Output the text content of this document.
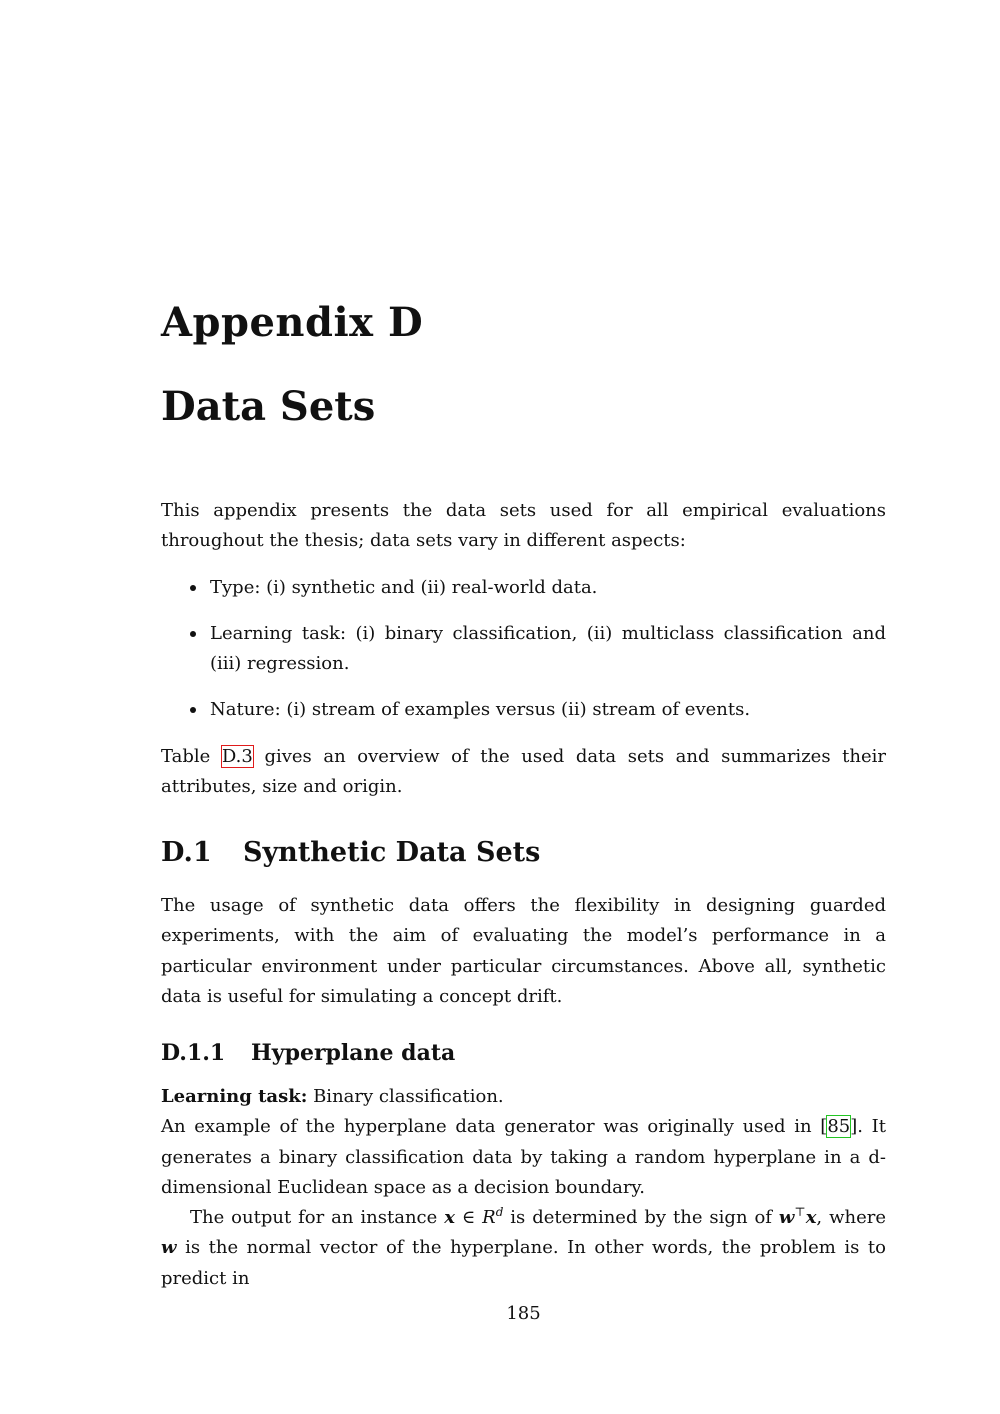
Appendix D
Data Sets

This appendix presents the data sets used for all empirical evaluations throughout the thesis; data sets vary in different aspects:

Type: (i) synthetic and (ii) real-world data.
Learning task: (i) binary classification, (ii) multiclass classification and (iii) regression.
Nature: (i) stream of examples versus (ii) stream of events.

Table D.3 gives an overview of the used data sets and summarizes their attributes, size and origin.

D.1 Synthetic Data Sets

The usage of synthetic data offers the flexibility in designing guarded experiments, with the aim of evaluating the model’s performance in a particular environment under particular circumstances. Above all, synthetic data is useful for simulating a concept drift.

D.1.1 Hyperplane data

Learning task: Binary classification.

An example of the hyperplane data generator was originally used in [85]. It generates a binary classification data by taking a random hyperplane in a d-dimensional Euclidean space as a decision boundary.

The output for an instance x ∈ $R^d$ is determined by the sign of w⊤x, where w is the normal vector of the hyperplane. In other words, the problem is to predict in

185
